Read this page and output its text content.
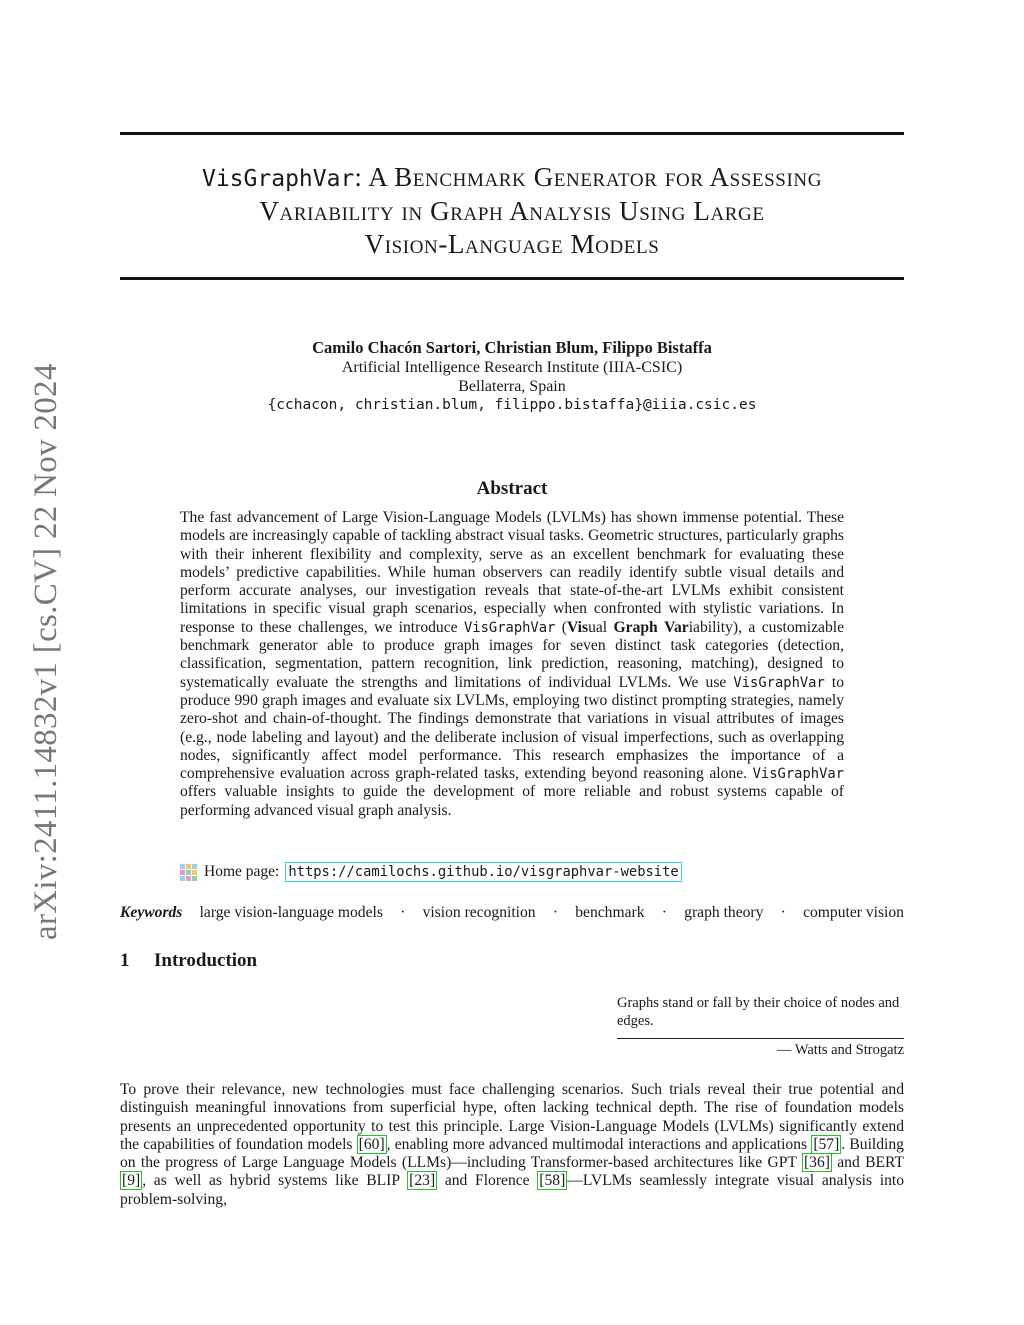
arXiv:2411.14832v1 [cs.CV] 22 Nov 2024
VisGraphVar: A Benchmark Generator for Assessing
Variability in Graph Analysis Using Large
Vision-Language Models
Camilo Chacón Sartori, Christian Blum, Filippo Bistaffa
Artificial Intelligence Research Institute (IIIA-CSIC)
Bellaterra, Spain
{cchacon, christian.blum, filippo.bistaffa}@iiia.csic.es
Abstract
The fast advancement of Large Vision-Language Models (LVLMs) has shown immense potential. These models are increasingly capable of tackling abstract visual tasks. Geometric structures, particularly graphs with their inherent flexibility and complexity, serve as an excellent benchmark for evaluating these models’ predictive capabilities. While human observers can readily identify subtle visual details and perform accurate analyses, our investigation reveals that state-of-the-art LVLMs exhibit consistent limitations in specific visual graph scenarios, especially when confronted with stylistic variations. In response to these challenges, we introduce VisGraphVar (Visual Graph Variability), a customizable benchmark generator able to produce graph images for seven distinct task categories (detection, classification, segmentation, pattern recognition, link prediction, reasoning, matching), designed to systematically evaluate the strengths and limitations of individual LVLMs. We use VisGraphVar to produce 990 graph images and evaluate six LVLMs, employing two distinct prompting strategies, namely zero-shot and chain-of-thought. The findings demonstrate that variations in visual attributes of images (e.g., node labeling and layout) and the deliberate inclusion of visual imperfections, such as overlapping nodes, significantly affect model performance. This research emphasizes the importance of a comprehensive evaluation across graph-related tasks, extending beyond reasoning alone. VisGraphVar offers valuable insights to guide the development of more reliable and robust systems capable of performing advanced visual graph analysis.
Home page: https://camilochs.github.io/visgraphvar-website
Keywords large vision-language models · vision recognition · benchmark · graph theory · computer vision
1 Introduction
Graphs stand or fall by their choice of nodes and edges.
— Watts and Strogatz
To prove their relevance, new technologies must face challenging scenarios. Such trials reveal their true potential and distinguish meaningful innovations from superficial hype, often lacking technical depth. The rise of foundation models presents an unprecedented opportunity to test this principle. Large Vision-Language Models (LVLMs) significantly extend the capabilities of foundation models [60] , enabling more advanced multimodal interactions and applications [57] . Building on the progress of Large Language Models (LLMs)—including Transformer-based architectures like GPT [36] and BERT [9] , as well as hybrid systems like BLIP [23] and Florence [58] —LVLMs seamlessly integrate visual analysis into problem-solving,
